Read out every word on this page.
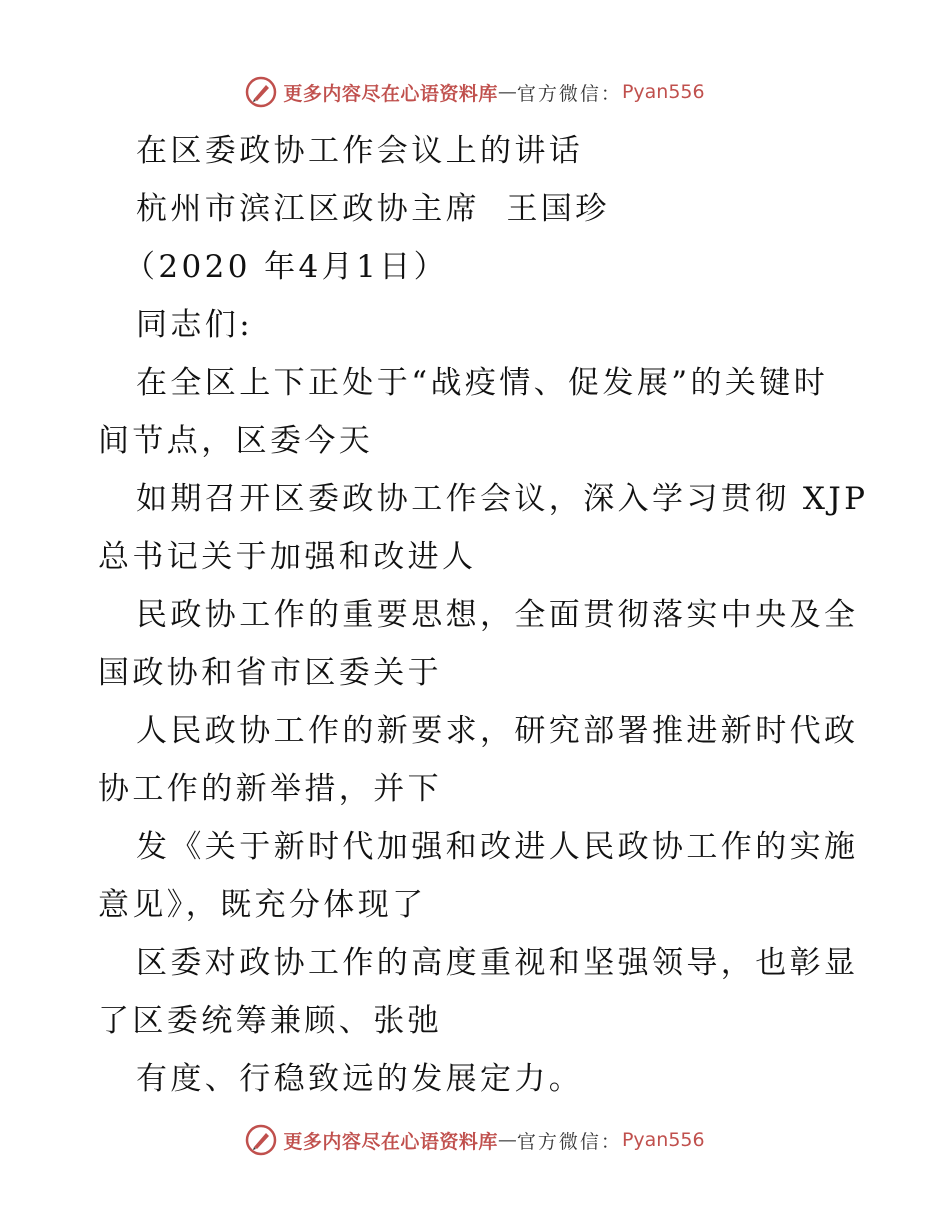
更多内容尽在心语资料库 — 官方微信： Pyan556
在区委政协工作会议上的讲话
杭州市滨江区政协主席  王国珍
（2020 年4月1日）
同志们:
在全区上下正处于“战疫情、促发展”的关键时
间节点，区委今天
如期召开区委政协工作会议，深入学习贯彻 XJP
总书记关于加强和改进人
民政协工作的重要思想，全面贯彻落实中央及全
国政协和省市区委关于
人民政协工作的新要求，研究部署推进新时代政
协工作的新举措，并下
发《关于新时代加强和改进人民政协工作的实施
意见》，既充分体现了
区委对政协工作的高度重视和坚强领导，也彰显
了区委统筹兼顾、张弛
有度、行稳致远的发展定力。
更多内容尽在心语资料库 — 官方微信： Pyan556
